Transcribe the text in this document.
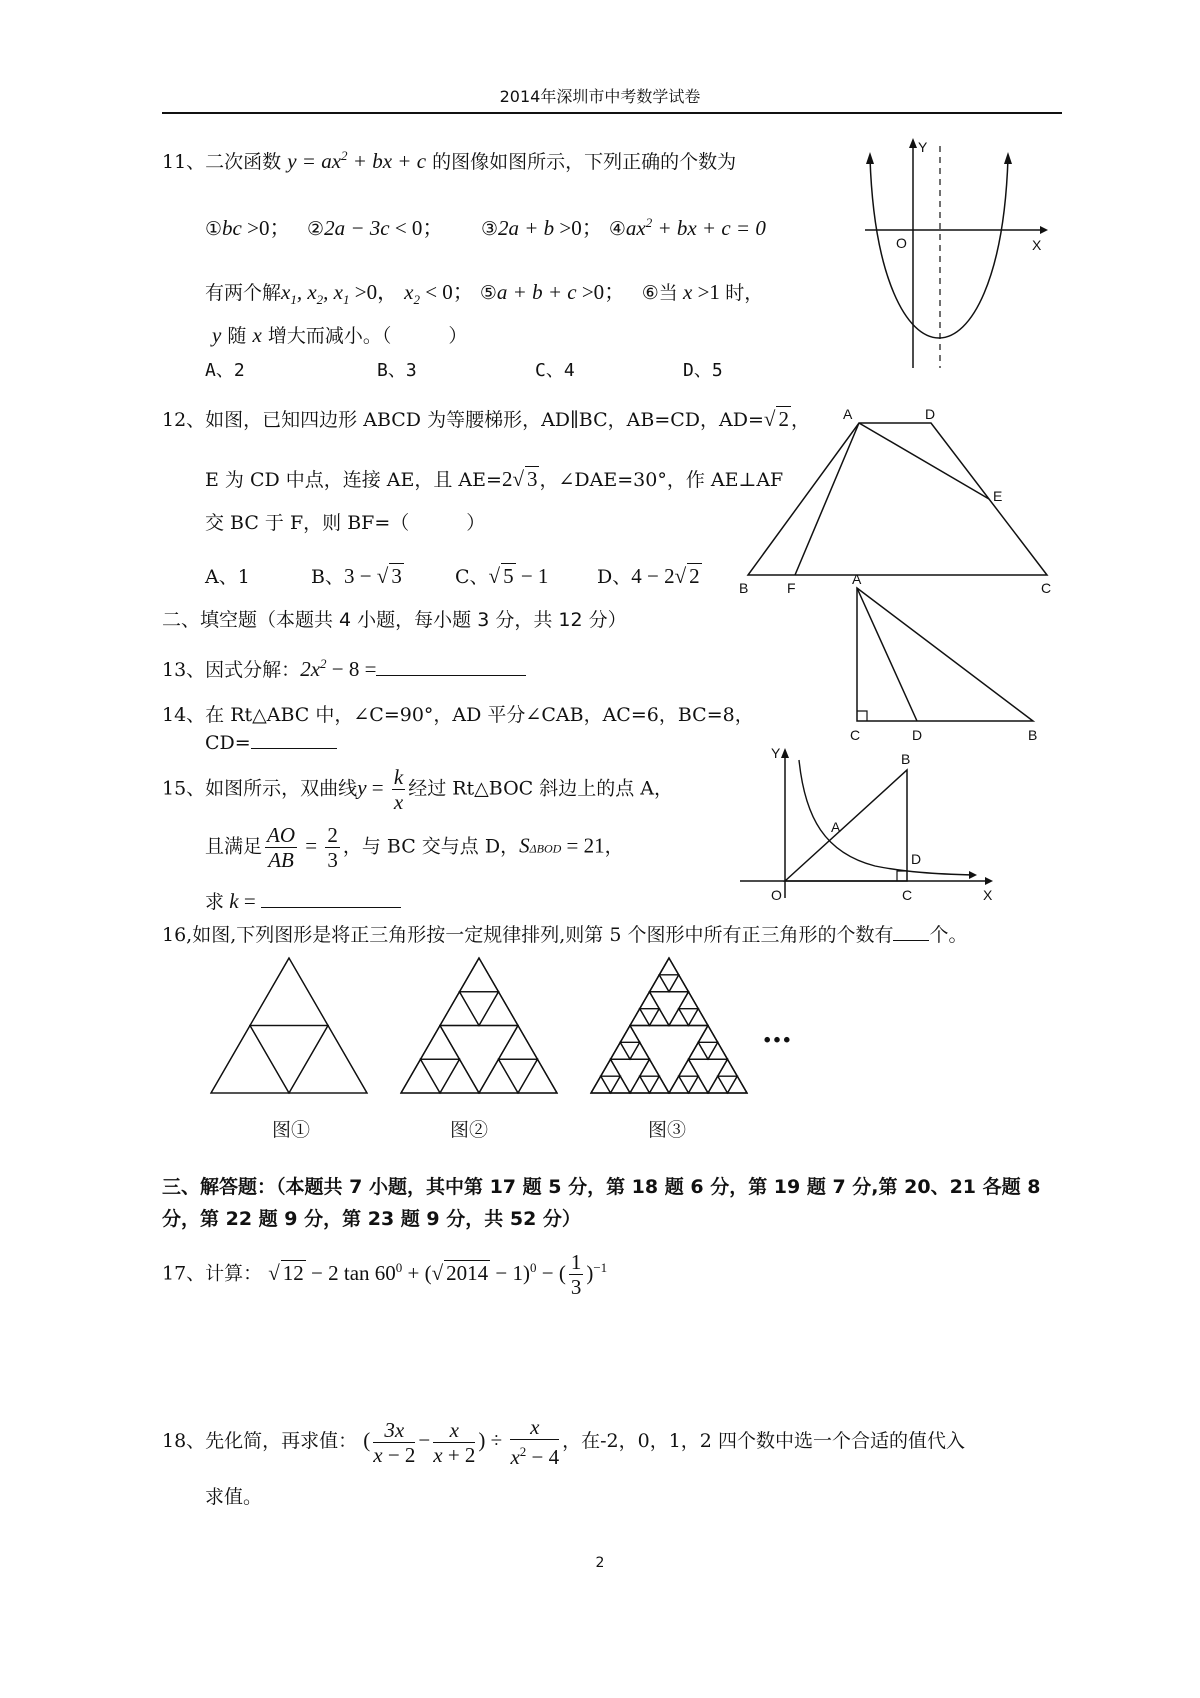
2014年深圳市中考数学试卷
11、二次函数 $y = ax^2$ + bx + c 的图像如图所示，下列正确的个数为
①bc >0；　 ②2a − 3c < 0；　　 ③2a + b >0； $④ax^2$ + bx + c = 0
有两个解$x_1$, $x_2$, $x_1 >0$， $x_2 < 0$； ⑤a + b + c >0；　 ⑥当 x >1 时，
y 随 x 增大而减小。（　　　）
A、2	B、3	C、4	D、5
Y
X
O
12、如图，已知四边形 ABCD 为等腰梯形，AD∥BC，AB=CD，AD=√ 2 ，
E 为 CD 中点，连接 AE，且 AE=2√ 3 ，∠DAE=30°，作 AE⊥AF
交 BC 于 F，则 BF=（　　　）
A、1	B、3 − √ 3	C、√ 5 − 1	D、4 − 2√ 2
A	D
E
B	F	C
二、填空题（本题共 4 小题，每小题 3 分，共 12 分）
13、因式分解：$2x^2 - 8$ =
14、在 Rt△ABC 中，∠C=90°，AD 平分∠CAB，AC=6，BC=8，
CD=
A
C	D	B
15、如图所示，双曲线$y = \frac{k}{x}$ 经过 Rt△BOC 斜边上的点 A，
且满足 $\frac{AO}{AB} = \frac{2}{3}$ ，与 BC 交与点 D，SΔBOD = 21，
求 k =
Y
X
O
A
B
C
D
16,如图,下列图形是将正三角形按一定规律排列,则第 5 个图形中所有正三角形的个数有 个。
…
图①	图②	图③
三、解答题：（本题共 7 小题，其中第 17 题 5 分，第 18 题 6 分，第 19 题 7 分,第 20、21 各题 8
分，第 22 题 9 分，第 23 题 9 分，共 52 分）
17、计算： √ 12 − 2 $\tan 60^0$ + (√ 2014 − 1)$^0$ − ( $\frac{1}{3} )^{-1}$
18、先化简，再求值： ( $\frac{3x}{x - 2} - \frac{x}{x + 2}$ ) ÷ $\frac{x}{x^2 - 4}$ ，在-2，0，1，2 四个数中选一个合适的值代入
求值。
2
